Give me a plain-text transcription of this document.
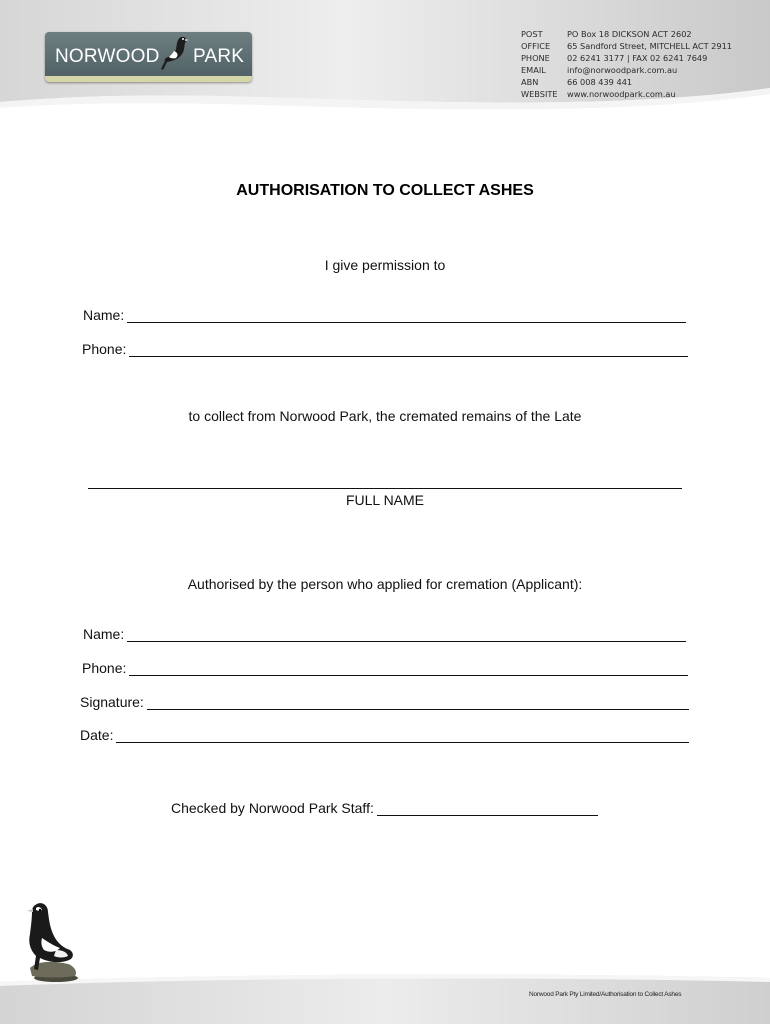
NORWOOD PARK
POST	PO Box 18 DICKSON ACT 2602
OFFICE	65 Sandford Street, MITCHELL ACT 2911
PHONE	02 6241 3177 | FAX 02 6241 7649
EMAIL	info@norwoodpark.com.au
ABN	66 008 439 441
WEBSITE	www.norwoodpark.com.au
AUTHORISATION TO COLLECT ASHES
I give permission to
Name:
Phone:
to collect from Norwood Park, the cremated remains of the Late
FULL NAME
Authorised by the person who applied for cremation (Applicant):
Name:
Phone:
Signature:
Date:
Checked by Norwood Park Staff:
Norwood Park Pty Limited/Authorisation to Collect Ashes
